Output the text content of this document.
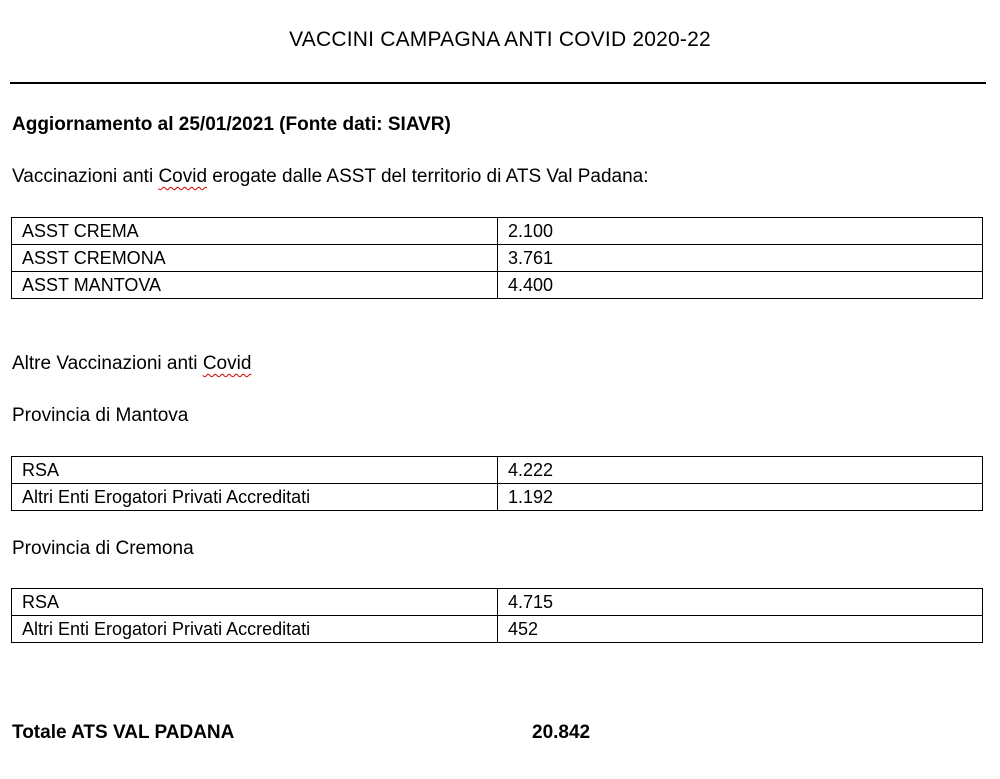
VACCINI CAMPAGNA ANTI COVID 2020-22
Aggiornamento al 25/01/2021 (Fonte dati: SIAVR)
Vaccinazioni anti Covid erogate dalle ASST del territorio di ATS Val Padana:
ASST CREMA	2.100
ASST CREMONA	3.761
ASST MANTOVA	4.400
Altre Vaccinazioni anti Covid
Provincia di Mantova
RSA	4.222
Altri Enti Erogatori Privati Accreditati	1.192
Provincia di Cremona
RSA	4.715
Altri Enti Erogatori Privati Accreditati	452
Totale ATS VAL PADANA	20.842
